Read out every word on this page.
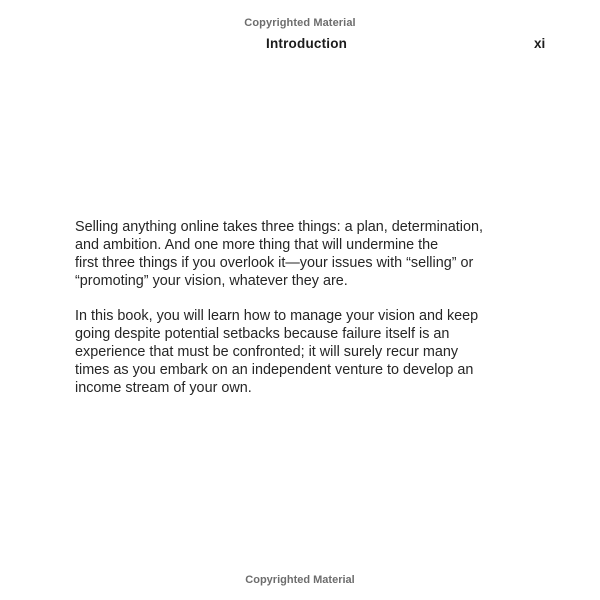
Copyrighted Material
Introduction	xi

Selling anything online takes three things: a plan, determination,
and ambition. And one more thing that will undermine the
first three things if you overlook it—your issues with “selling” or
“promoting” your vision, whatever they are.

In this book, you will learn how to manage your vision and keep
going despite potential setbacks because failure itself is an
experience that must be confronted; it will surely recur many
times as you embark on an independent venture to develop an
income stream of your own.

Copyrighted Material
